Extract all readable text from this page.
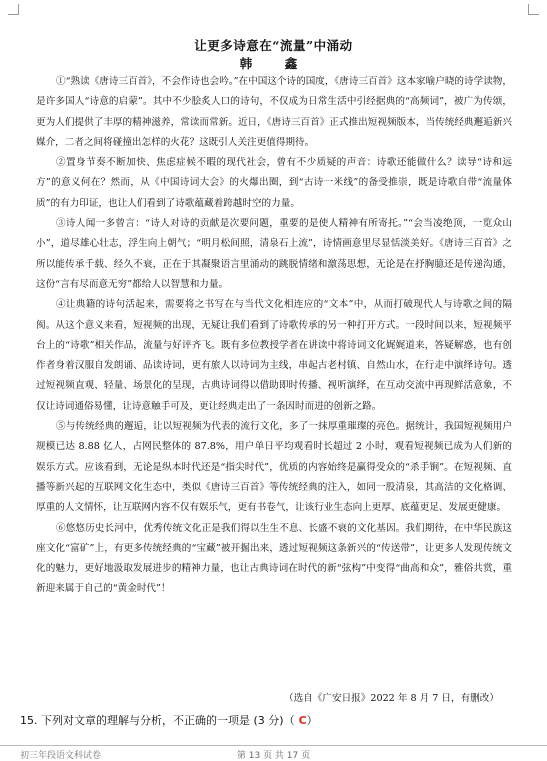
让更多诗意在“流量”中涌动
韩　鑫

①“熟读《唐诗三百首》，不会作诗也会吟。”在中国这个诗的国度，《唐诗三百首》这本家喻户晓的诗学读物，是许多国人“诗意的启蒙”。其中不少脍炙人口的诗句，不仅成为日常生活中引经据典的“高频词”，被广为传颂，更为人们提供了丰厚的精神滋养，常读而常新。近日，《唐诗三百首》正式推出短视频版本，当传统经典邂逅新兴媒介，二者之间将碰撞出怎样的火花？这既引人关注更值得期待。

②置身节奏不断加快、焦虑症候不暇的现代社会，曾有不少质疑的声音：诗歌还能做什么？读导“诗和远方”的意义何在？然而，从《中国诗词大会》的火爆出圈，到“古诗一米线”的备受推崇，既是诗歌自带“流量体质”的有力印证，也让人们看到了诗歌蕴藏着跨越时空的力量。

③诗人闻一多曾言：“诗人对诗的贡献是次要问题，重要的是使人精神有所寄托。”“会当凌绝顶，一览众山小”，道尽雄心壮志，浮生向上朝气；“明月松间照，清泉石上流”，诗情画意里尽显恬淡美好。《唐诗三百首》之所以能传承千载、经久不衰，正在于其凝聚语言里涌动的跳脱情绪和激荡思想，无论是在抒胸臆还是传递沟通，这份“言有尽而意无穷”都给人以智慧和力量。

④让典籍的诗句活起来，需要将之书写在与当代文化相连应的“文本”中，从而打破现代人与诗歌之间的隔阂。从这个意义来看，短视频的出现，无疑让我们看到了诗歌传承的另一种打开方式。一段时间以来，短视频平台上的“诗歌”相关作品，流量与好评齐飞。既有多位教授学者在讲读中将诗词文化娓娓道来，答疑解惑，也有创作者身着汉服自发朗诵、品读诗词，更有旅人以诗词为主线，串起古老村镇、自然山水，在行走中演绎诗句。透过短视频直观、轻量、场景化的呈现，古典诗词得以借助即时传播、视听演绎，在互动交流中再现鲜活意象，不仅让诗词通俗易懂，让诗意触手可及，更让经典走出了一条因时而进的创新之路。

⑤与传统经典的邂逅，让以短视频为代表的流行文化，多了一抹厚重璀璨的亮色。据统计，我国短视频用户规模已达 8.88 亿人，占网民整体的 87.8%，用户单日平均观看时长超过 2 小时，观看短视频已成为人们新的娱乐方式。应该看到，无论是纵本时代还是“指尖时代”，优质的内容始终是赢得受众的“杀手锏”。在短视频、直播等新兴起的互联网文化生态中，类似《唐诗三百首》等传统经典的注入，如同一股清泉，其高洁的文化格调、厚重的人文情怀，让互联网内容不仅有娱乐气，更有书卷气，让该行业生态向上更厚、底蕴更足、发展更健康。

⑥悠悠历史长河中，优秀传统文化正是我们得以生生不息、长盛不衰的文化基因。我们期待，在中华民族这座文化“富矿”上，有更多传统经典的“宝藏”被开掘出来，透过短视频这条新兴的“传送带”，让更多人发现传统文化的魅力，更好地汲取发展进步的精神力量，也让古典诗词在时代的新“弦构”中变得“曲高和众”，雅俗共赏，重新迎来属于自己的“黄金时代”！

（选自《广安日报》2022 年 8 月 7 日，有删改）
15. 下列对文章的理解与分析，不正确的一项是 (3 分)（ C）
初三年段语文科试卷	第 13 页 共 17 页
